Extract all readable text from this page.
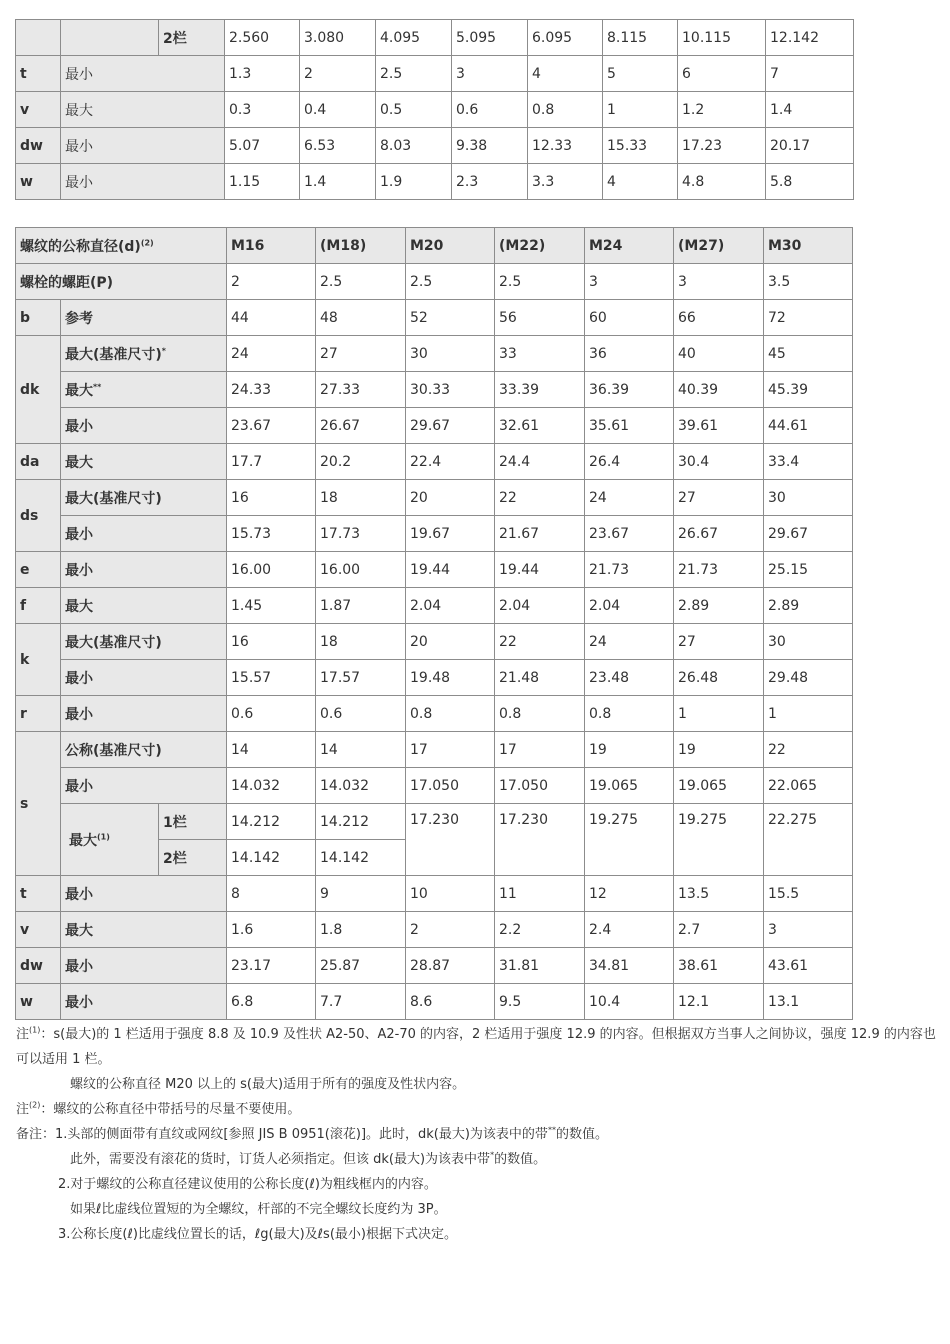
		2栏	2.560	3.080	4.095	5.095	6.095	8.115	10.115	12.142
t	最小		1.3	2	2.5	3	4	5	6	7
v	最大		0.3	0.4	0.5	0.6	0.8	1	1.2	1.4
dw	最小		5.07	6.53	8.03	9.38	12.33	15.33	17.23	20.17
w	最小		1.15	1.4	1.9	2.3	3.3	4	4.8	5.8
螺纹的公称直径$(d)^{(2)}$			M16	(M18)	M20	(M22)	M24	(M27)	M30
螺栓的螺距(P)			2	2.5	2.5	2.5	3	3	3.5
b	参考		44	48	52	56	60	66	72
dk	最大(基准尺寸)*		24	27	30	33	36	40	45
	最大**		24.33	27.33	30.33	33.39	36.39	40.39	45.39
	最小		23.67	26.67	29.67	32.61	35.61	39.61	44.61
da	最大		17.7	20.2	22.4	24.4	26.4	30.4	33.4
ds	最大(基准尺寸)		16	18	20	22	24	27	30
	最小		15.73	17.73	19.67	21.67	23.67	26.67	29.67
e	最小		16.00	16.00	19.44	19.44	21.73	21.73	25.15
f	最大		1.45	1.87	2.04	2.04	2.04	2.89	2.89
k	最大(基准尺寸)		16	18	20	22	24	27	30
	最小		15.57	17.57	19.48	21.48	23.48	26.48	29.48
r	最小		0.6	0.6	0.8	0.8	0.8	1	1
s	公称(基准尺寸)		14	14	17	17	19	19	22
	最小		14.032	14.032	17.050	17.050	19.065	19.065	22.065
	最大$^{(1)}$	1栏	14.212	14.212	17.230	17.230	19.275	19.275	22.275
		2栏	14.142	14.142					
t	最小		8	9	10	11	12	13.5	15.5
v	最大		1.6	1.8	2	2.2	2.4	2.7	3
dw	最小		23.17	25.87	28.87	31.81	34.81	38.61	43.61
w	最小		6.8	7.7	8.6	9.5	10.4	12.1	13.1

注$^{(1)}$：s(最大)的 1 栏适用于强度 8.8 及 10.9 及性状 A2-50、A2-70 的内容，2 栏适用于强度 12.9 的内容。但根据双方当事人之间协议，强度 12.9 的内容也可以适用 1 栏。

螺纹的公称直径 M20 以上的 s(最大)适用于所有的强度及性状内容。

注$^{(2)}$：螺纹的公称直径中带括号的尽量不要使用。

备注：1.头部的侧面带有直纹或网纹[参照 JIS B 0951(滚花)]。此时，dk(最大)为该表中的带**的数值。

此外，需要没有滚花的货时，订货人必须指定。但该 dk(最大)为该表中带*的数值。

2.对于螺纹的公称直径建议使用的公称长度(ℓ)为粗线框内的内容。

如果ℓ比虚线位置短的为全螺纹，杆部的不完全螺纹长度约为 3P。

3.公称长度(ℓ)比虚线位置长的话，ℓg(最大)及ℓs(最小)根据下式决定。
